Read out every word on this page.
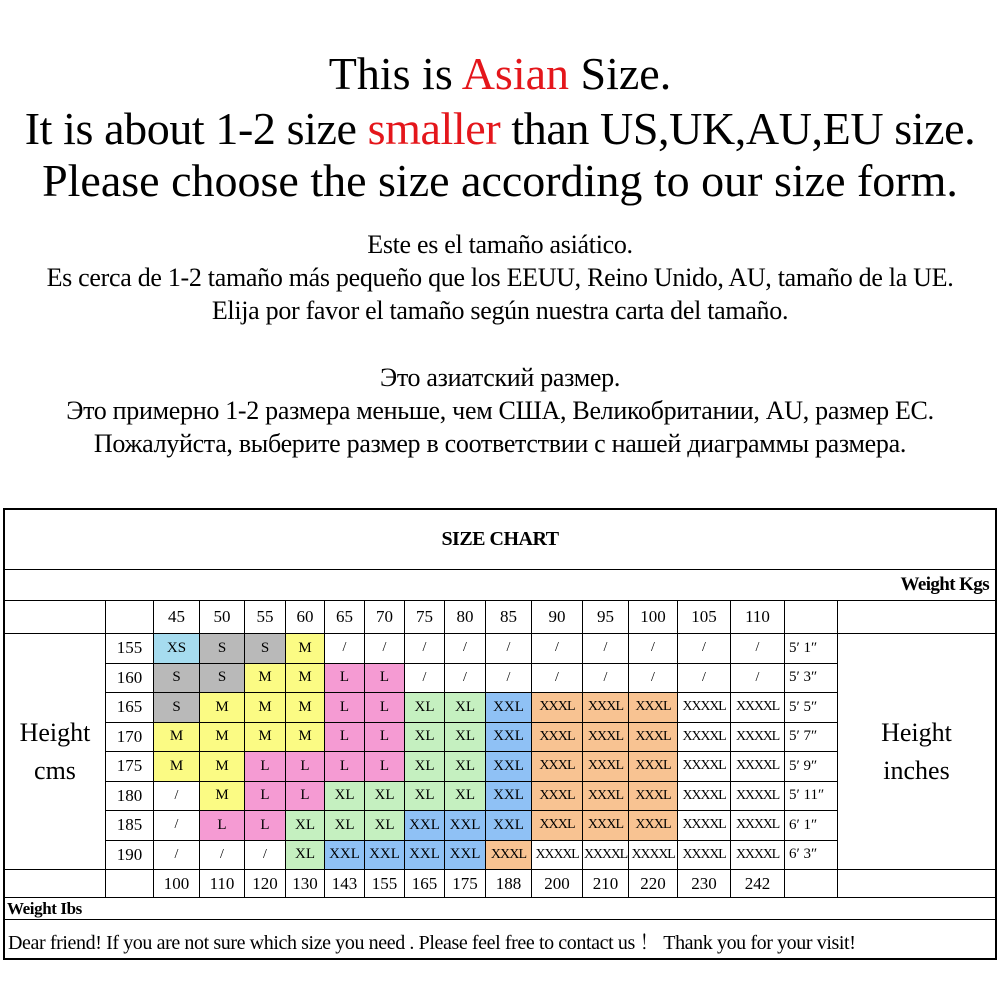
This is Asian Size.
It is about 1-2 size smaller than US,UK,AU,EU size.
Please choose the size according to our size form.
Este es el tamaño asiático.
Es cerca de 1-2 tamaño más pequeño que los EEUU, Reino Unido, AU, tamaño de la UE.
Elija por favor el tamaño según nuestra carta del tamaño.
Это азиатский размер.
Это примерно 1-2 размера меньше, чем США, Великобритании, AU, размер ЕС.
Пожалуйста, выберите размер в соответствии с нашей диаграммы размера.
SIZE CHART
Weight Kgs
45	50	55	60	65	70	75	80	85	90	95	100	105	110
155	XS	S	S	M	/	/	/	/	/	/	/	/	/	/	5′ 1″
160	S	S	M	M	L	L	/	/	/	/	/	/	/	/	5′ 3″
165	S	M	M	M	L	L	XL	XL	XXL	XXXL XXXL XXXL XXXXL XXXXL 5′ 5″
170	M	M	M	M	L	L	XL	XL	XXL	XXXL XXXL XXXL XXXXL XXXXL 5′ 7″
175	M	M	L	L	L	L	XL	XL	XXL	XXXL XXXL XXXL XXXXL XXXXL 5′ 9″
180	/	M	L	L	XL	XL	XL	XL	XXL	XXXL XXXL XXXL XXXXL XXXXL 5′ 11″
185	/	L	L	XL	XL	XL XXL XXL XXL	XXXL XXXL XXXL XXXXL XXXXL 6′ 1″
190	/	/	/	XL XXL XXL XXL XXL XXXL XXXXL XXXXL XXXXL XXXXL XXXXL 6′ 3″
100	110	120 130 143 155 165 175	188	200	210	220	230	242
Height
cms
Height
inches
Weight Ibs
Dear friend! If you are not sure which size you need . Please feel free to contact us ！ Thank you for your visit!
